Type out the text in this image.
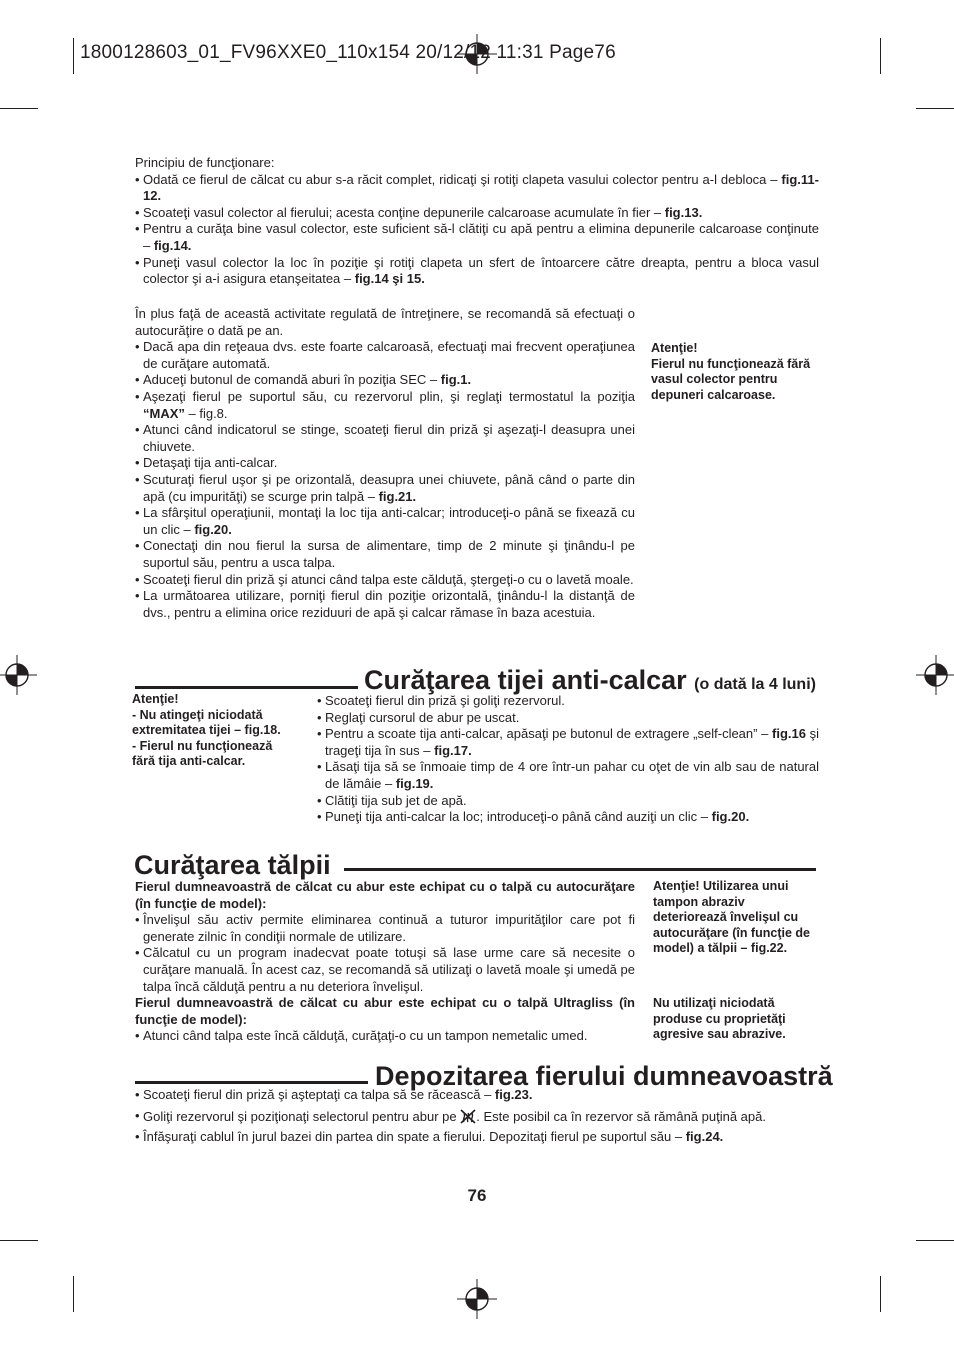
1800128603_01_FV96XXE0_110x154 20/12/12 11:31 Page76

Principiu de funcţionare:

• Odată ce fierul de călcat cu abur s-a răcit complet, ridicaţi şi rotiţi clapeta vasului colector pentru a-l debloca – fig.11- 12.
• Scoateţi vasul colector al fierului; acesta conţine depunerile calcaroase acumulate în fier – fig.13.
• Pentru a curăţa bine vasul colector, este suficient să-l clătiţi cu apă pentru a elimina depunerile calcaroase conţinute – fig.14.
• Puneţi vasul colector la loc în poziţie şi rotiţi clapeta un sfert de întoarcere către dreapta, pentru a bloca vasul colector şi a-i asigura etanşeitatea – fig.14 şi 15.

În plus faţă de această activitate regulată de întreţinere, se recomandă să efectuaţi o autocurăţire o dată pe an.

• Dacă apa din reţeaua dvs. este foarte calcaroasă, efectuaţi mai frecvent operaţiunea de curăţare automată.
• Aduceţi butonul de comandă aburi în poziţia SEC – fig.1.
• Aşezaţi fierul pe suportul său, cu rezervorul plin, şi reglaţi termostatul la poziţia “MAX” – fig.8.
• Atunci când indicatorul se stinge, scoateţi fierul din priză şi aşezaţi-l deasupra unei chiuvete.
• Detaşaţi tija anti-calcar.
• Scuturaţi fierul uşor şi pe orizontală, deasupra unei chiuvete, până când o parte din apă (cu impurităţi) se scurge prin talpă – fig.21.
• La sfârşitul operaţiunii, montaţi la loc tija anti-calcar; introduceţi-o până se fixează cu un clic – fig.20.
• Conectaţi din nou fierul la sursa de alimentare, timp de 2 minute şi ţinându-l pe suportul său, pentru a usca talpa.
• Scoateţi fierul din priză şi atunci când talpa este călduţă, ştergeţi-o cu o lavetă moale.
• La următoarea utilizare, porniţi fierul din poziţie orizontală, ţinându-l la distanţă de dvs., pentru a elimina orice reziduuri de apă şi calcar rămase în baza acestuia.
Atenţie!
Fierul nu funcţionează fără vasul colector pentru depuneri calcaroase.
Curăţarea tijei anti-calcar (o dată la 4 luni)
Atenţie!
- Nu atingeţi niciodată extremitatea tijei – fig.18.
- Fierul nu funcţionează fără tija anti-calcar.
• Scoateţi fierul din priză şi goliţi rezervorul.
• Reglaţi cursorul de abur pe uscat.
• Pentru a scoate tija anti-calcar, apăsaţi pe butonul de extragere „self-clean” – fig.16 şi trageţi tija în sus – fig.17.
• Lăsaţi tija să se înmoaie timp de 4 ore într-un pahar cu oţet de vin alb sau de natural de lămâie – fig.19.
• Clătiţi tija sub jet de apă.
• Puneţi tija anti-calcar la loc; introduceţi-o până când auziţi un clic – fig.20.
Curăţarea tălpii

Fierul dumneavoastră de călcat cu abur este echipat cu o talpă cu autocurăţare (în funcţie de model):

• Învelişul său activ permite eliminarea continuă a tuturor impurităţilor care pot fi generate zilnic în condiţii normale de utilizare.
• Călcatul cu un program inadecvat poate totuşi să lase urme care să necesite o curăţare manuală. În acest caz, se recomandă să utilizaţi o lavetă moale şi umedă pe talpa încă călduţă pentru a nu deteriora învelişul.

Fierul dumneavoastră de călcat cu abur este echipat cu o talpă Ultragliss (în funcţie de model):

• Atunci când talpa este încă călduţă, curăţaţi-o cu un tampon nemetalic umed.
Atenţie! Utilizarea unui tampon abraziv deteriorează învelişul cu autocurăţare (în funcţie de model) a tălpii – fig.22.
Nu utilizaţi niciodată produse cu proprietăţi agresive sau abrazive.
Depozitarea fierului dumneavoastră
• Scoateţi fierul din priză şi aşteptaţi ca talpa să se răcească – fig.23.
• Goliţi rezervorul şi poziţionaţi selectorul pentru abur pe . Este posibil ca în rezervor să rămână puţină apă.
• Înfăşuraţi cablul în jurul bazei din partea din spate a fierului. Depozitaţi fierul pe suportul său – fig.24.
76
